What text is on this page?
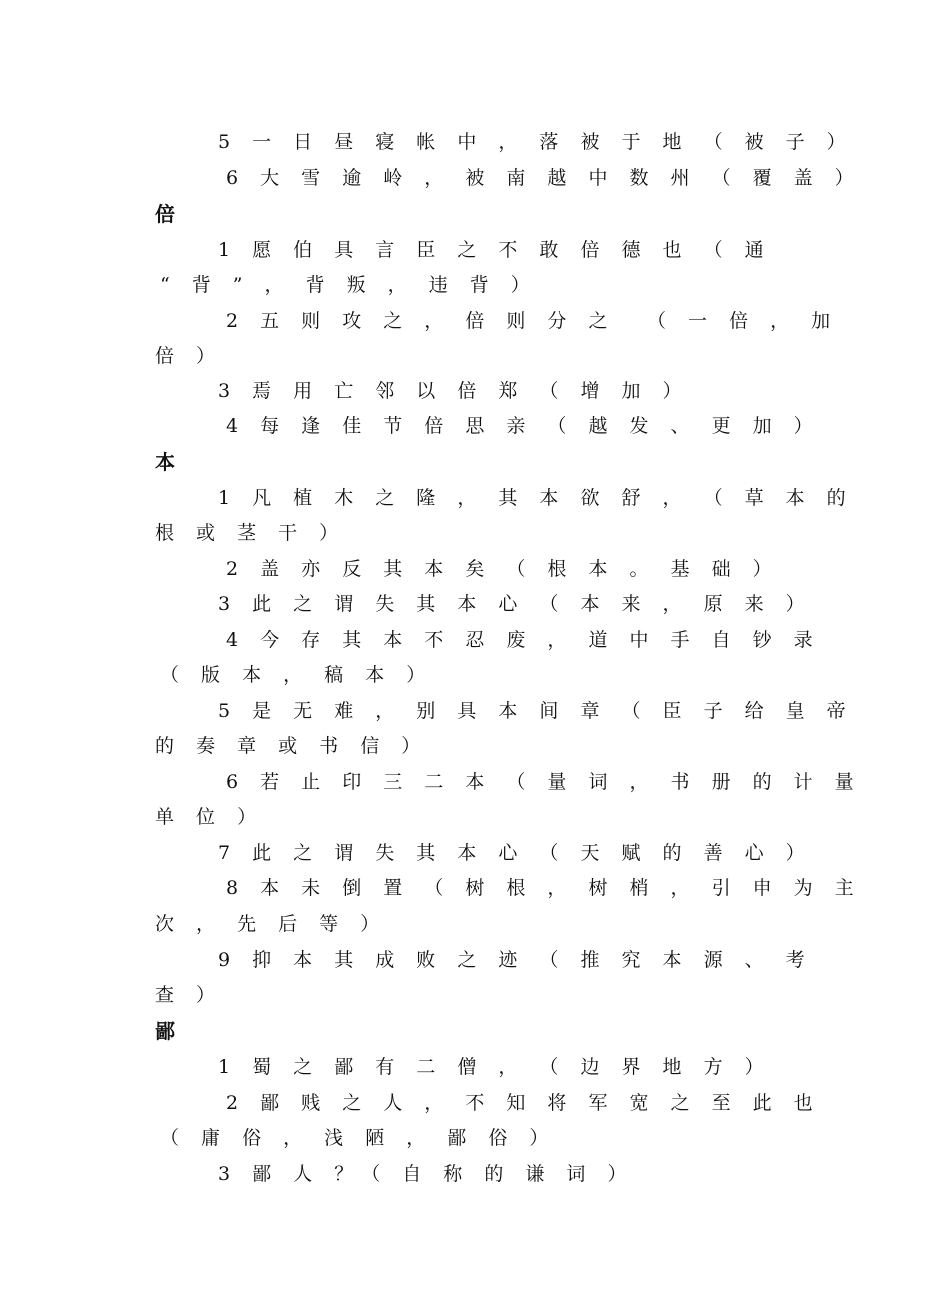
5 一 日 昼 寝 帐 中 ， 落 被 于 地 （ 被 子 ）
6 大 雪 逾 岭 ， 被 南 越 中 数 州 （ 覆 盖 ）
倍
1 愿 伯 具 言 臣 之 不 敢 倍 德 也 （ 通
“ 背 ” ， 背 叛 ， 违 背 ）
2 五 则 攻 之 ， 倍 则 分 之 　（ 一 倍 ， 加
倍 ）
3 焉 用 亡 邻 以 倍 郑 （ 增 加 ）
4 每 逢 佳 节 倍 思 亲 （ 越 发 、 更 加 ）
本
1 凡 植 木 之 隆 ， 其 本 欲 舒 ， （ 草 本 的
根 或 茎 干 ）
2 盖 亦 反 其 本 矣 （ 根 本 。 基 础 ）
3 此 之 谓 失 其 本 心 （ 本 来 ， 原 来 ）
4 今 存 其 本 不 忍 废 ， 道 中 手 自 钞 录
（ 版 本 ， 稿 本 ）
5 是 无 难 ， 别 具 本 间 章 （ 臣 子 给 皇 帝
的 奏 章 或 书 信 ）
6 若 止 印 三 二 本 （ 量 词 ， 书 册 的 计 量
单 位 ）
7 此 之 谓 失 其 本 心 （ 天 赋 的 善 心 ）
8 本 未 倒 置 （ 树 根 ， 树 梢 ， 引 申 为 主
次 ， 先 后 等 ）
9 抑 本 其 成 败 之 迹 （ 推 究 本 源 、 考
查 ）
鄙
1 蜀 之 鄙 有 二 僧 ， （ 边 界 地 方 ）
2 鄙 贱 之 人 ， 不 知 将 军 宽 之 至 此 也
（ 庸 俗 ， 浅 陋 ， 鄙 俗 ）
3 鄙 人 ？（ 自 称 的 谦 词 ）
